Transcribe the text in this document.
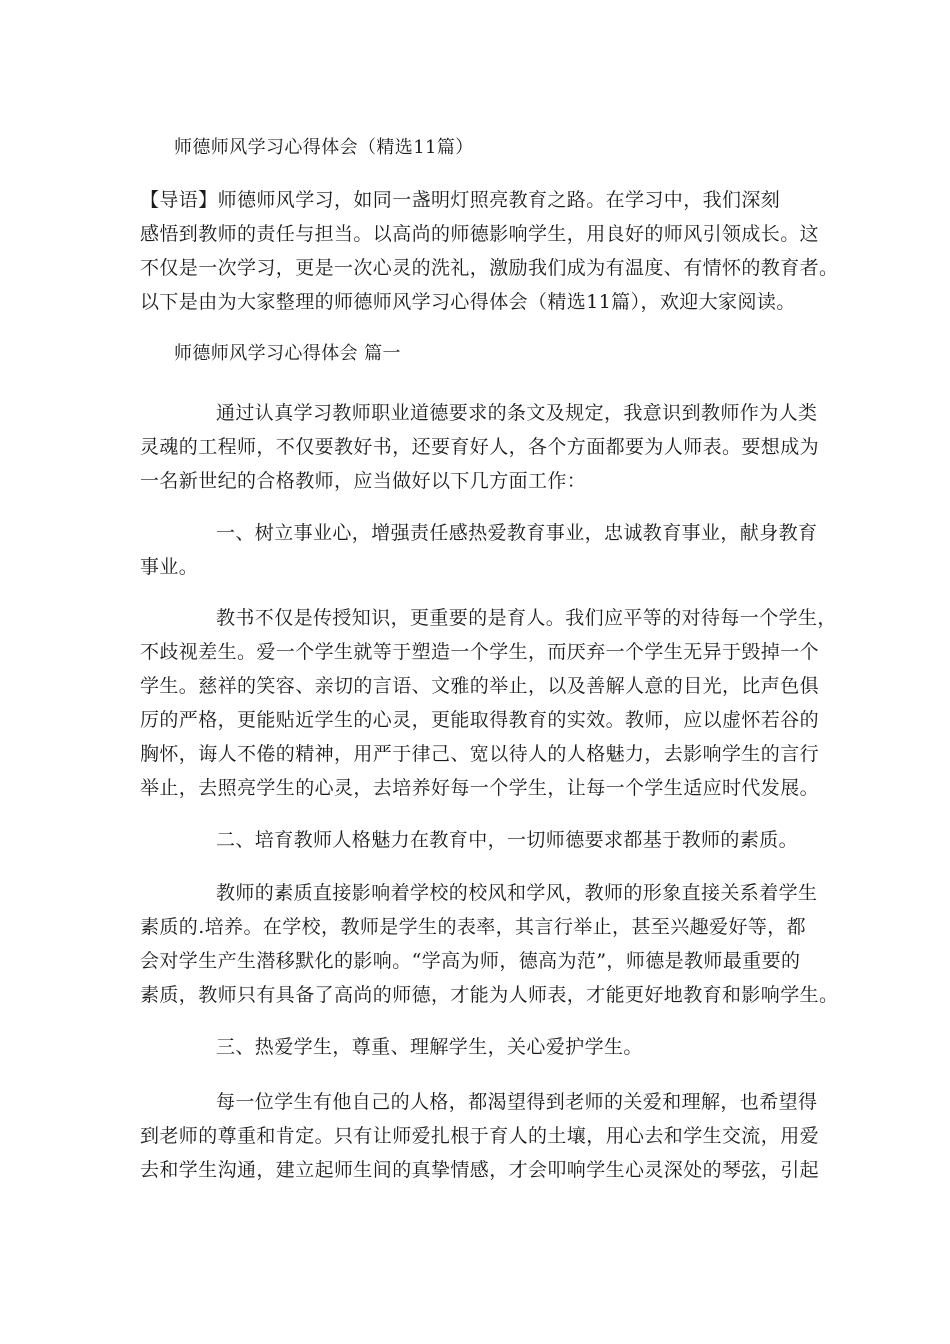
师德师风学习心得体会（精选11篇）
【导语】师德师风学习，如同一盏明灯照亮教育之路。在学习中，我们深刻
感悟到教师的责任与担当。以高尚的师德影响学生，用良好的师风引领成长。这
不仅是一次学习，更是一次心灵的洗礼，激励我们成为有温度、有情怀的教育者。
以下是由为大家整理的师德师风学习心得体会（精选11篇），欢迎大家阅读。
师德师风学习心得体会 篇一
通过认真学习教师职业道德要求的条文及规定，我意识到教师作为人类
灵魂的工程师，不仅要教好书，还要育好人，各个方面都要为人师表。要想成为
一名新世纪的合格教师，应当做好以下几方面工作：
一、树立事业心，增强责任感热爱教育事业，忠诚教育事业，献身教育
事业。
教书不仅是传授知识，更重要的是育人。我们应平等的对待每一个学生，
不歧视差生。爱一个学生就等于塑造一个学生，而厌弃一个学生无异于毁掉一个
学生。慈祥的笑容、亲切的言语、文雅的举止，以及善解人意的目光，比声色俱
厉的严格，更能贴近学生的心灵，更能取得教育的实效。教师，应以虚怀若谷的
胸怀，诲人不倦的精神，用严于律己、宽以待人的人格魅力，去影响学生的言行
举止，去照亮学生的心灵，去培养好每一个学生，让每一个学生适应时代发展。
二、培育教师人格魅力在教育中，一切师德要求都基于教师的素质。
教师的素质直接影响着学校的校风和学风，教师的形象直接关系着学生
素质的.培养。在学校，教师是学生的表率，其言行举止，甚至兴趣爱好等，都
会对学生产生潜移默化的影响。“学高为师，德高为范”，师德是教师最重要的
素质，教师只有具备了高尚的师德，才能为人师表，才能更好地教育和影响学生。
三、热爱学生，尊重、理解学生，关心爱护学生。
每一位学生有他自己的人格，都渴望得到老师的关爱和理解，也希望得
到老师的尊重和肯定。只有让师爱扎根于育人的土壤，用心去和学生交流，用爱
去和学生沟通，建立起师生间的真挚情感，才会叩响学生心灵深处的琴弦，引起
